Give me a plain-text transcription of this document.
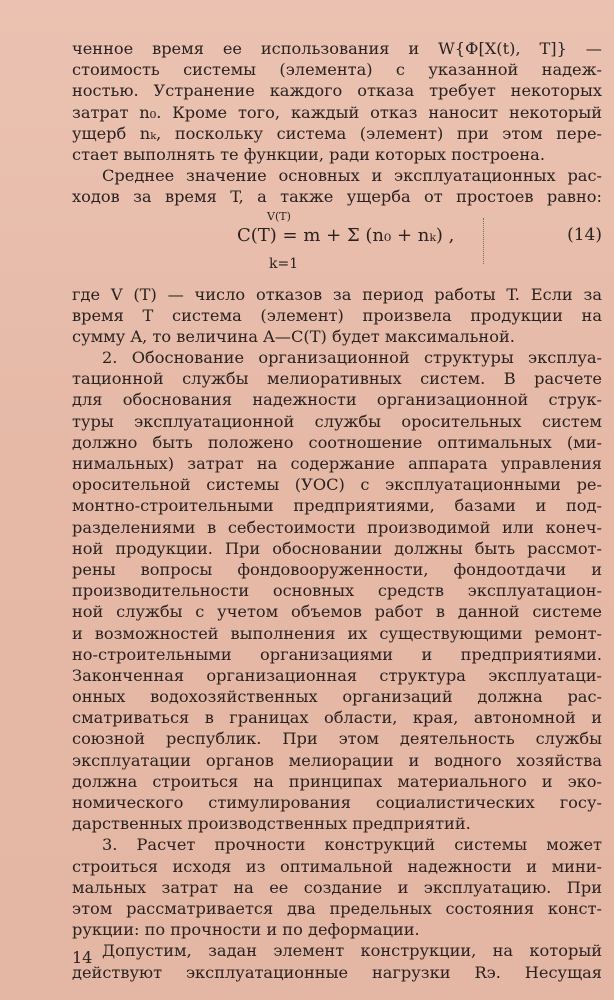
ченное время ее использования и W{Ф[X(t), T]} —
стоимость системы (элемента) с указанной надеж-
ностью. Устранение каждого отказа требует некоторых
затрат n₀. Кроме того, каждый отказ наносит некоторый
ущерб nₖ, поскольку система (элемент) при этом пере-
стает выполнять те функции, ради которых построена.
Среднее значение основных и эксплуатационных рас-
ходов за время T, а также ущерба от простоев равно:
V(T)
C(T) = m + Σ (n₀ + nₖ) ,
k=1
(14)
где V (T) — число отказов за период работы T. Если за
время T система (элемент) произвела продукции на
сумму A, то величина A—C(T) будет максимальной.
2. Обоснование организационной структуры эксплуа-
тационной службы мелиоративных систем. В расчете
для обоснования надежности организационной струк-
туры эксплуатационной службы оросительных систем
должно быть положено соотношение оптимальных (ми-
нимальных) затрат на содержание аппарата управления
оросительной системы (УОС) с эксплуатационными ре-
монтно-строительными предприятиями, базами и под-
разделениями в себестоимости производимой или конеч-
ной продукции. При обосновании должны быть рассмот-
рены вопросы фондовооруженности, фондоотдачи и
производительности основных средств эксплуатацион-
ной службы с учетом объемов работ в данной системе
и возможностей выполнения их существующими ремонт-
но-строительными организациями и предприятиями.
Законченная организационная структура эксплуатаци-
онных водохозяйственных организаций должна рас-
сматриваться в границах области, края, автономной и
союзной республик. При этом деятельность службы
эксплуатации органов мелиорации и водного хозяйства
должна строиться на принципах материального и эко-
номического стимулирования социалистических госу-
дарственных производственных предприятий.
3. Расчет прочности конструкций системы может
строиться исходя из оптимальной надежности и мини-
мальных затрат на ее создание и эксплуатацию. При
этом рассматривается два предельных состояния конст-
рукции: по прочности и по деформации.
Допустим, задан элемент конструкции, на который
действуют эксплуатационные нагрузки Rэ. Несущая
14
